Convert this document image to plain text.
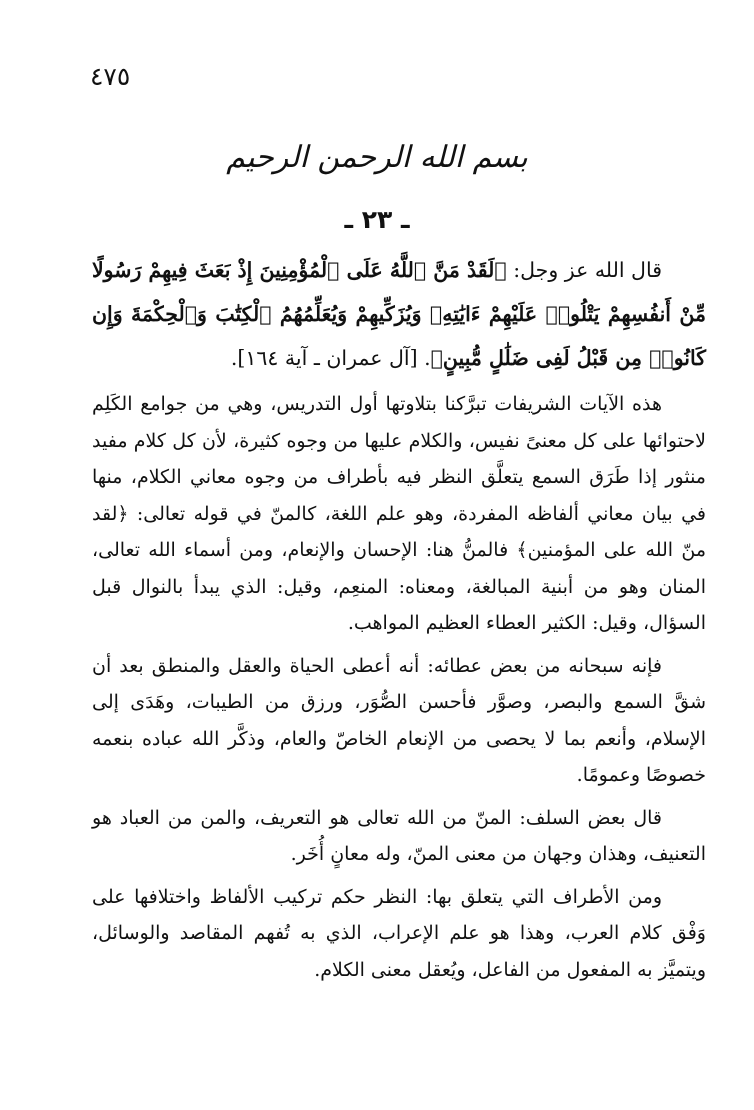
٤٧٥
بسم الله الرحمن الرحيم
ـ ٢٣ ـ

قال الله عز وجل: ﴿لَقَدْ مَنَّ ٱللَّهُ عَلَى ٱلْمُؤْمِنِينَ إِذْ بَعَثَ فِيهِمْ رَسُولًا مِّنْ أَنفُسِهِمْ يَتْلُوا۟ عَلَيْهِمْ ءَايَٰتِهِۦ وَيُزَكِّيهِمْ وَيُعَلِّمُهُمُ ٱلْكِتَٰبَ وَٱلْحِكْمَةَ وَإِن كَانُوا۟ مِن قَبْلُ لَفِى ضَلَٰلٍ مُّبِينٍ﴾. [آل عمران ـ آية ١٦٤].

هذه الآيات الشريفات تبرَّكنا بتلاوتها أول التدريس، وهي من جوامع الكَلِم لاحتوائها على كل معنىً نفيس، والكلام عليها من وجوه كثيرة، لأن كل كلام مفيد منثور إذا طَرَق السمع يتعلَّق النظر فيه بأطراف من وجوه معاني الكلام، منها في بيان معاني ألفاظه المفردة، وهو علم اللغة، كالمنّ في قوله تعالى: ﴿لقد منّ الله على المؤمنين﴾ فالمنُّ هنا: الإحسان والإنعام، ومن أسماء الله تعالى، المنان وهو من أبنية المبالغة، ومعناه: المنعِم، وقيل: الذي يبدأ بالنوال قبل السؤال، وقيل: الكثير العطاء العظيم المواهب.

فإنه سبحانه من بعض عطائه: أنه أعطى الحياة والعقل والمنطق بعد أن شقَّ السمع والبصر، وصوَّر فأحسن الصُّوَر، ورزق من الطيبات، وهَدَى إلى الإسلام، وأنعم بما لا يحصى من الإنعام الخاصّ والعام، وذكَّر الله عباده بنعمه خصوصًا وعمومًا.

قال بعض السلف: المنّ من الله تعالى هو التعريف، والمن من العباد هو التعنيف، وهذان وجهان من معنى المنّ، وله معانٍ أُخَر.

ومن الأطراف التي يتعلق بها: النظر حكم تركيب الألفاظ واختلافها على وَفْق كلام العرب، وهذا هو علم الإعراب، الذي به تُفهم المقاصد والوسائل، ويتميَّز به المفعول من الفاعل، ويُعقل معنى الكلام.
